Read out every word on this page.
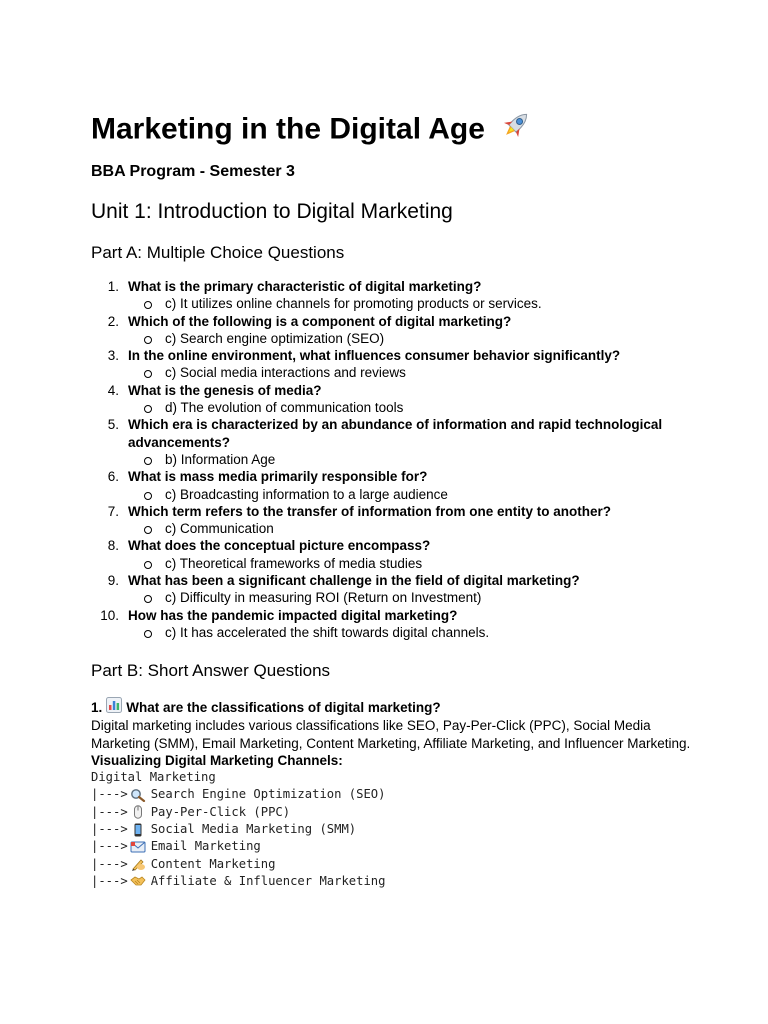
Marketing in the Digital Age

BBA Program - Semester 3

Unit 1: Introduction to Digital Marketing

Part A: Multiple Choice Questions

1. What is the primary characteristic of digital marketing?
c) It utilizes online channels for promoting products or services.
2. Which of the following is a component of digital marketing?
c) Search engine optimization (SEO)
3. In the online environment, what influences consumer behavior significantly?
c) Social media interactions and reviews
4. What is the genesis of media?
d) The evolution of communication tools
5. Which era is characterized by an abundance of information and rapid technological advancements?
b) Information Age
6. What is mass media primarily responsible for?
c) Broadcasting information to a large audience
7. Which term refers to the transfer of information from one entity to another?
c) Communication
8. What does the conceptual picture encompass?
c) Theoretical frameworks of media studies
9. What has been a significant challenge in the field of digital marketing?
c) Difficulty in measuring ROI (Return on Investment)
10. How has the pandemic impacted digital marketing?
c) It has accelerated the shift towards digital channels.

Part B: Short Answer Questions

1. What are the classifications of digital marketing?

Digital marketing includes various classifications like SEO, Pay-Per-Click (PPC), Social Media Marketing (SMM), Email Marketing, Content Marketing, Affiliate Marketing, and Influencer Marketing.

Visualizing Digital Marketing Channels:

Digital Marketing
|---> Search Engine Optimization (SEO)
|---> Pay-Per-Click (PPC)
|---> Social Media Marketing (SMM)
|---> Email Marketing
|---> Content Marketing
|---> Affiliate & Influencer Marketing
